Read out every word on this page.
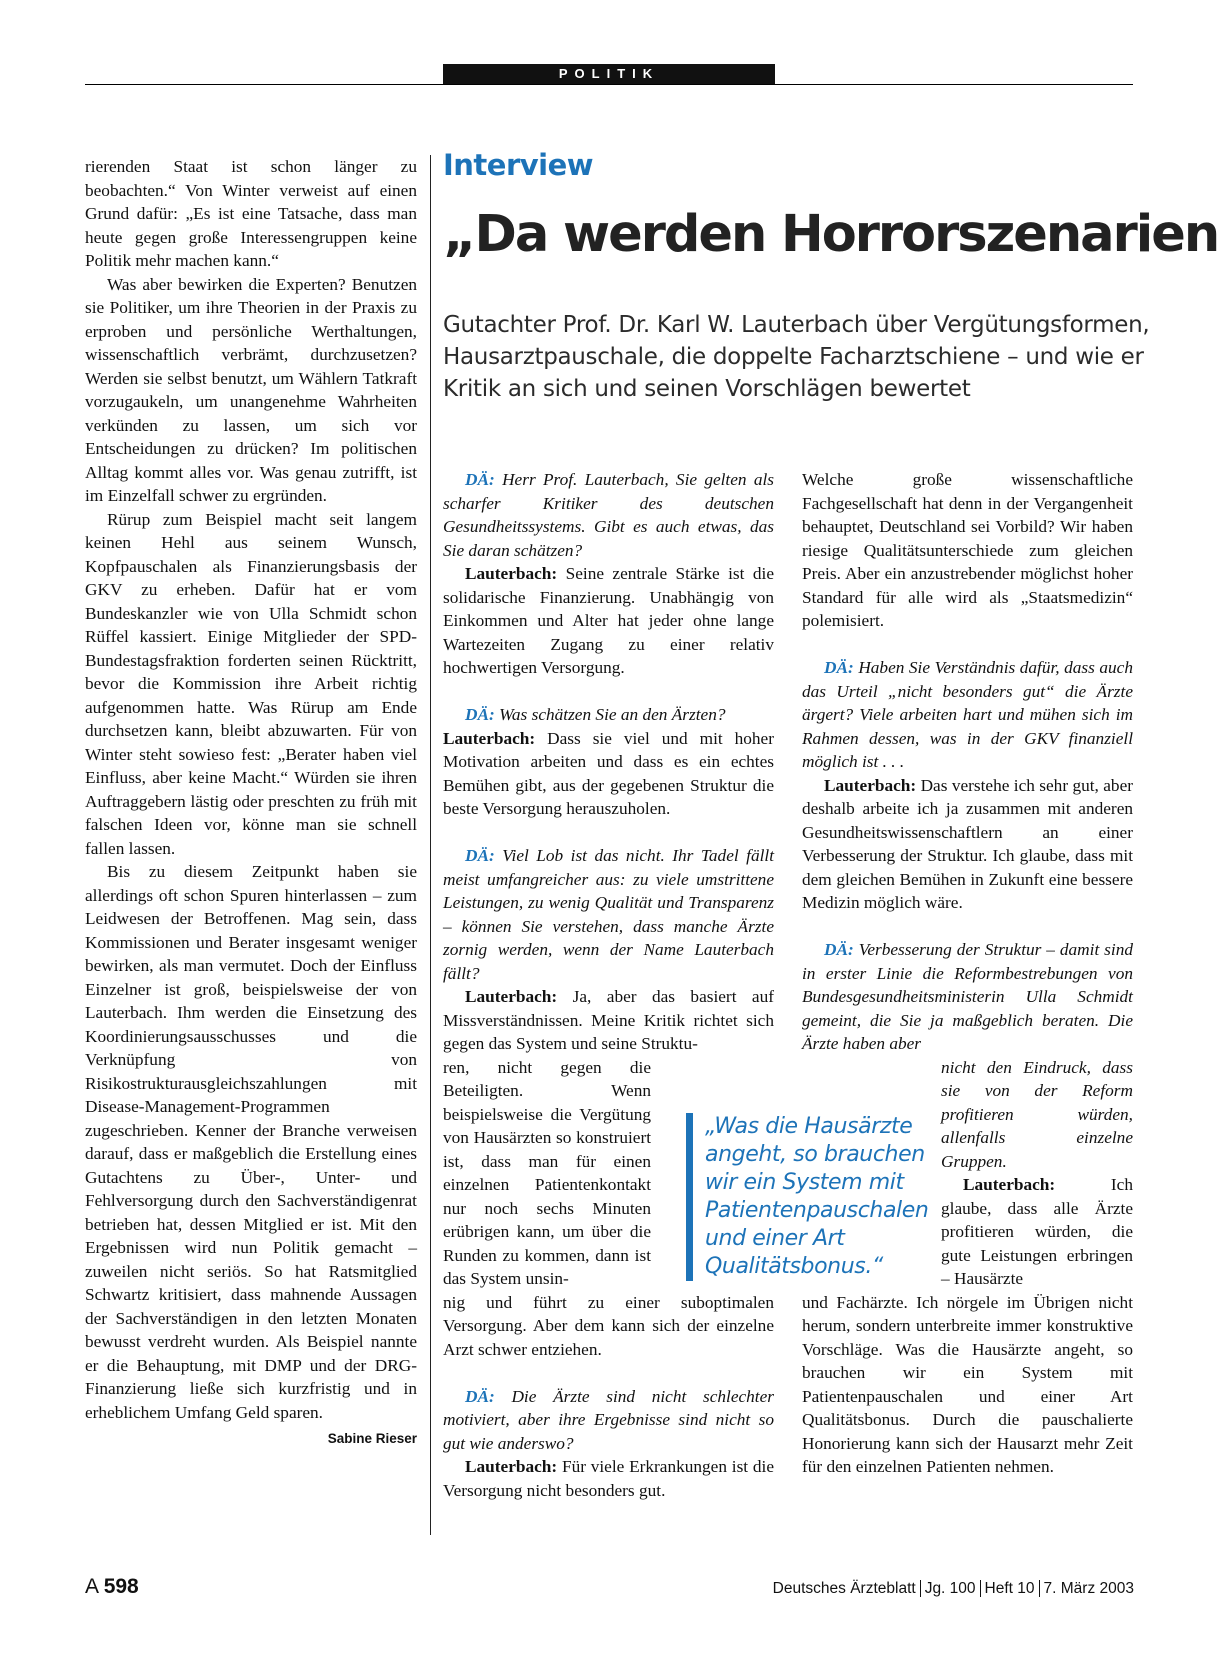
POLITIK

rierenden Staat ist schon länger zu beobachten.“ Von Winter verweist auf einen Grund dafür: „Es ist eine Tatsache, dass man heute gegen große Interessengruppen keine Politik mehr machen kann.“

Was aber bewirken die Experten? Benutzen sie Politiker, um ihre Theorien in der Praxis zu erproben und persönliche Werthaltungen, wissenschaftlich verbrämt, durchzusetzen? Werden sie selbst benutzt, um Wählern Tatkraft vorzugaukeln, um unangenehme Wahrheiten verkünden zu lassen, um sich vor Entscheidungen zu drücken? Im politischen Alltag kommt alles vor. Was genau zutrifft, ist im Einzelfall schwer zu ergründen.

Rürup zum Beispiel macht seit langem keinen Hehl aus seinem Wunsch, Kopfpauschalen als Finanzierungsbasis der GKV zu erheben. Dafür hat er vom Bundeskanzler wie von Ulla Schmidt schon Rüffel kassiert. Einige Mitglieder der SPD-Bundestagsfraktion forderten seinen Rücktritt, bevor die Kommission ihre Arbeit richtig aufgenommen hatte. Was Rürup am Ende durchsetzen kann, bleibt abzuwarten. Für von Winter steht sowieso fest: „Berater haben viel Einfluss, aber keine Macht.“ Würden sie ihren Auftraggebern lästig oder preschten zu früh mit falschen Ideen vor, könne man sie schnell fallen lassen.

Bis zu diesem Zeitpunkt haben sie allerdings oft schon Spuren hinterlassen – zum Leidwesen der Betroffenen. Mag sein, dass Kommissionen und Berater insgesamt weniger bewirken, als man vermutet. Doch der Einfluss Einzelner ist groß, beispielsweise der von Lauterbach. Ihm werden die Einsetzung des Koordinierungsausschusses und die Verknüpfung von Risikostrukturausgleichszahlungen mit Disease-Management-Programmen zugeschrieben. Kenner der Branche verweisen darauf, dass er maßgeblich die Erstellung eines Gutachtens zu Über-, Unter- und Fehlversorgung durch den Sachverständigenrat betrieben hat, dessen Mitglied er ist. Mit den Ergebnissen wird nun Politik gemacht – zuweilen nicht seriös. So hat Ratsmitglied Schwartz kritisiert, dass mahnende Aussagen der Sachverständigen in den letzten Monaten bewusst verdreht wurden. Als Beispiel nannte er die Behauptung, mit DMP und der DRG-Finanzierung ließe sich kurzfristig und in erheblichem Umfang Geld sparen.
Sabine Rieser

Interview
„Da werden Horrorszenarien
Gutachter Prof. Dr. Karl W. Lauterbach über Vergütungsformen, Hausarztpauschale, die doppelte Facharztschiene – und wie er Kritik an sich und seinen Vorschlägen bewertet

DÄ: Herr Prof. Lauterbach, Sie gelten als scharfer Kritiker des deutschen Gesundheitssystems. Gibt es auch etwas, das Sie daran schätzen?

Lauterbach: Seine zentrale Stärke ist die solidarische Finanzierung. Unabhängig von Einkommen und Alter hat jeder ohne lange Wartezeiten Zugang zu einer relativ hochwertigen Versorgung.

DÄ: Was schätzen Sie an den Ärzten?

Lauterbach: Dass sie viel und mit hoher Motivation arbeiten und dass es ein echtes Bemühen gibt, aus der gegebenen Struktur die beste Versorgung herauszuholen.

DÄ: Viel Lob ist das nicht. Ihr Tadel fällt meist umfangreicher aus: zu viele umstrittene Leistungen, zu wenig Qualität und Transparenz – können Sie verstehen, dass manche Ärzte zornig werden, wenn der Name Lauterbach fällt?

Lauterbach: Ja, aber das basiert auf Missverständnissen. Meine Kritik richtet sich gegen das System und seine Struktu-

ren, nicht gegen die Beteiligten. Wenn beispielsweise die Vergütung von Hausärzten so konstruiert ist, dass man für einen einzelnen Patientenkontakt nur noch sechs Minuten erübrigen kann, um über die Runden zu kommen, dann ist das System unsin-

nig und führt zu einer suboptimalen Versorgung. Aber dem kann sich der einzelne Arzt schwer entziehen.

DÄ: Die Ärzte sind nicht schlechter motiviert, aber ihre Ergebnisse sind nicht so gut wie anderswo?

Lauterbach: Für viele Erkrankungen ist die Versorgung nicht besonders gut.

Welche große wissenschaftliche Fachgesellschaft hat denn in der Vergangenheit behauptet, Deutschland sei Vorbild? Wir haben riesige Qualitätsunterschiede zum gleichen Preis. Aber ein anzustrebender möglichst hoher Standard für alle wird als „Staatsmedizin“ polemisiert.

DÄ: Haben Sie Verständnis dafür, dass auch das Urteil „nicht besonders gut“ die Ärzte ärgert? Viele arbeiten hart und mühen sich im Rahmen dessen, was in der GKV finanziell möglich ist . . .

Lauterbach: Das verstehe ich sehr gut, aber deshalb arbeite ich ja zusammen mit anderen Gesundheitswissenschaftlern an einer Verbesserung der Struktur. Ich glaube, dass mit dem gleichen Bemühen in Zukunft eine bessere Medizin möglich wäre.

DÄ: Verbesserung der Struktur – damit sind in erster Linie die Reformbestrebungen von Bundesgesundheitsministerin Ulla Schmidt gemeint, die Sie ja maßgeblich beraten. Die Ärzte haben aber

nicht den Eindruck, dass sie von der Reform profitieren würden, allenfalls einzelne Gruppen.

Lauterbach:	Ich glaube, dass alle Ärzte profitieren würden, die gute Leistungen erbringen – Hausärzte

und Fachärzte. Ich nörgele im Übrigen nicht herum, sondern unterbreite immer konstruktive Vorschläge. Was die Hausärzte angeht, so brauchen wir ein System mit Patientenpauschalen und einer Art Qualitätsbonus. Durch die pauschalierte Honorierung kann sich der Hausarzt mehr Zeit für den einzelnen Patienten nehmen.

„Was die Hausärzte angeht, so brauchen wir ein System mit Patientenpauschalen und einer Art Qualitätsbonus.“
A 598	Deutsches Ärzteblatt Jg. 100 Heft 10 7. März 2003
